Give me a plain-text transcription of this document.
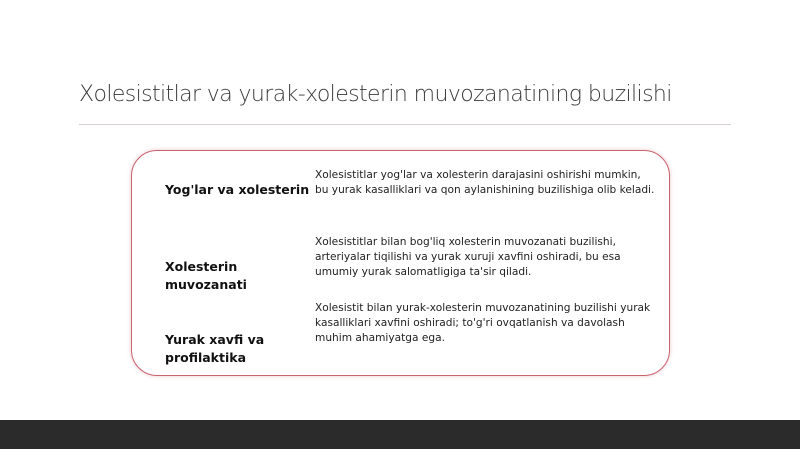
Xolesistitlar va yurak-xolesterin muvozanatining buzilishi
Yog'lar va xolesterin
Xolesistitlar yog'lar va xolesterin darajasini oshirishi mumkin, bu yurak kasalliklari va qon aylanishining buzilishiga olib keladi.
Xolesterin muvozanati
Xolesistitlar bilan bog'liq xolesterin muvozanati buzilishi, arteriyalar tiqilishi va yurak xuruji xavfini oshiradi, bu esa umumiy yurak salomatligiga ta'sir qiladi.
Yurak xavfi va profilaktika
Xolesistit bilan yurak-xolesterin muvozanatining buzilishi yurak kasalliklari xavfini oshiradi; to'g'ri ovqatlanish va davolash muhim ahamiyatga ega.
